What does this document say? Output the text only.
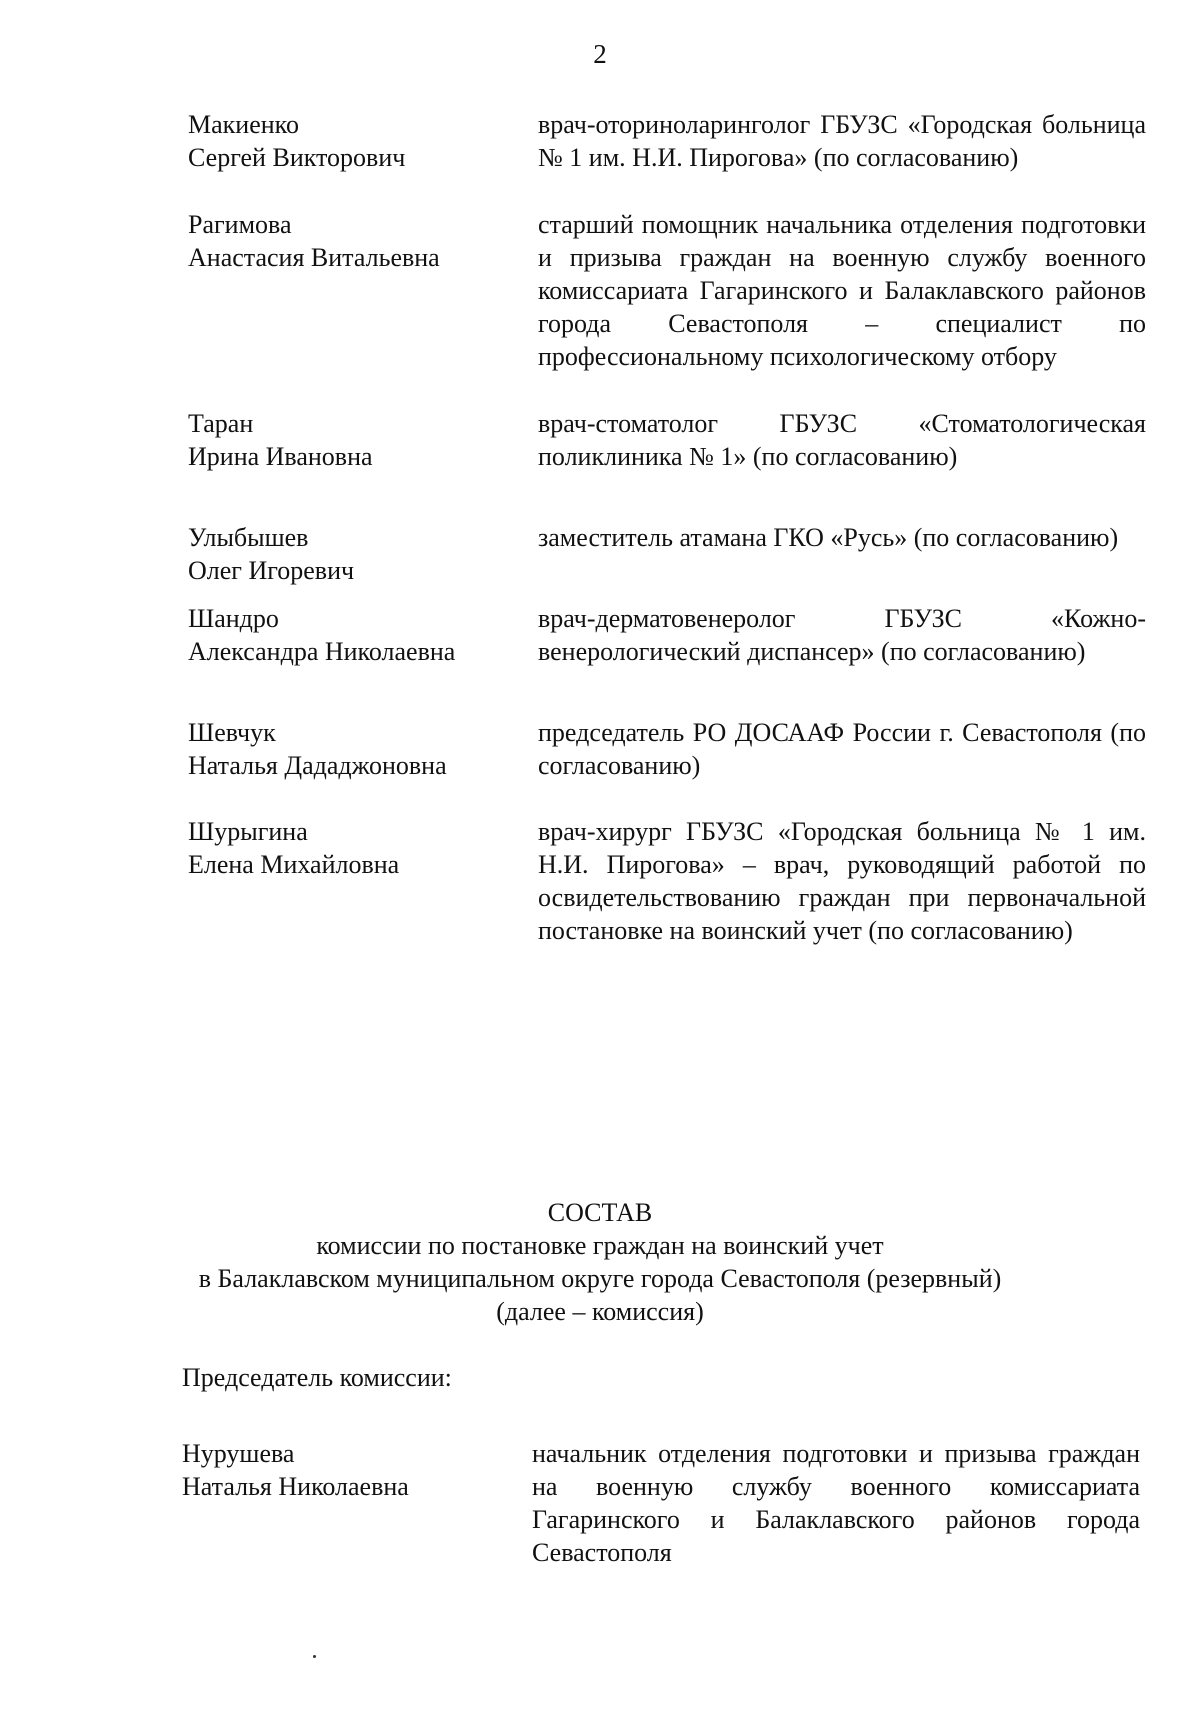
2
Макиенко
Сергей Викторович
врач-оториноларинголог ГБУЗС «Городская больница № 1 им. Н.И. Пирогова» (по согласованию)
Рагимова
Анастасия Витальевна
старший помощник начальника отделения подготовки и призыва граждан на военную службу военного комиссариата Гагаринского и Балаклавского районов города Севастополя – специалист по профессиональному психологическому отбору
Таран
Ирина Ивановна
врач-стоматолог ГБУЗС «Стоматологическая поликлиника № 1» (по согласованию)
Улыбышев
Олег Игоревич
заместитель атамана ГКО «Русь» (по согласованию)
Шандро
Александра Николаевна
врач-дерматовенеролог ГБУЗС «Кожно-венерологический диспансер» (по согласованию)
Шевчук
Наталья Дададжоновна
председатель РО ДОСААФ России г. Севастополя (по согласованию)
Шурыгина
Елена Михайловна
врач-хирург ГБУЗС «Городская больница № 1 им. Н.И. Пирогова» – врач, руководящий работой по освидетельствованию граждан при первоначальной постановке на воинский учет (по согласованию)
СОСТАВ
комиссии по постановке граждан на воинский учет
в Балаклавском муниципальном округе города Севастополя (резервный)
(далее – комиссия)
Председатель комиссии:
Нурушева
Наталья Николаевна
начальник отделения подготовки и призыва граждан на военную службу военного комиссариата Гагаринского и Балаклавского районов города Севастополя
